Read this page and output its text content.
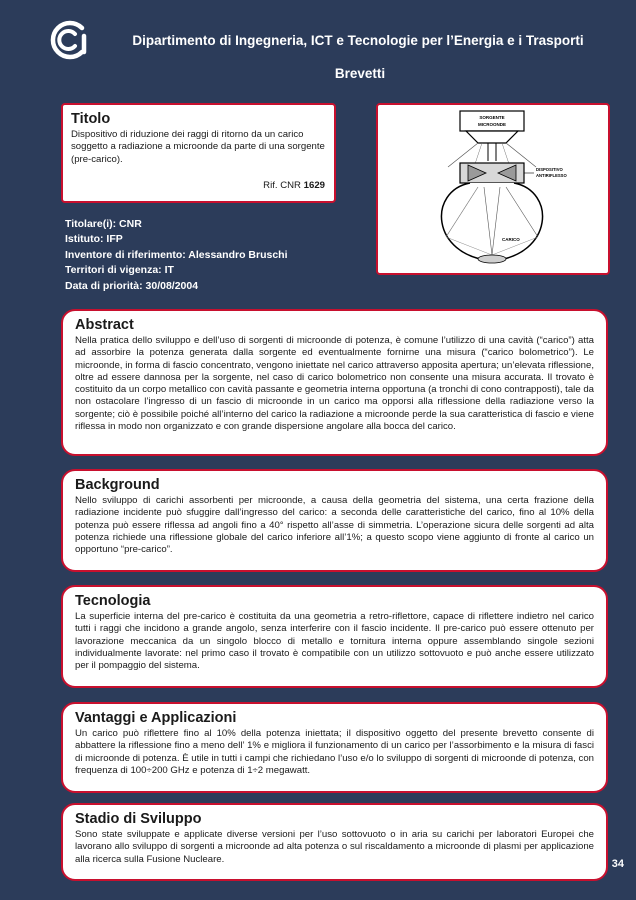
Dipartimento di Ingegneria, ICT e Tecnologie per l’Energia e i Trasporti
Brevetti
Titolo

Dispositivo di riduzione dei raggi di ritorno da un carico soggetto a radiazione a microonde da parte di una sorgente (pre-carico).

Rif. CNR 1629
SORGENTE
MICROONDE
DISPOSITIVO
ANTIRIFLESSO
CARICO
Titolare(i): CNR
Istituto: IFP
Inventore di riferimento: Alessandro Bruschi
Territori di vigenza: IT
Data di priorità: 30/08/2004
Abstract

Nella pratica dello sviluppo e dell’uso di sorgenti di microonde di potenza, è comune l’utilizzo di una cavità (“carico”) atta ad assorbire la potenza generata dalla sorgente ed eventualmente fornirne una misura (“carico bolometrico”). Le microonde, in forma di fascio concentrato, vengono iniettate nel carico attraverso apposita apertura; un’elevata riflessione, oltre ad essere dannosa per la sorgente, nel caso di carico bolometrico non consente una misura accurata. Il trovato è costituito da un corpo metallico con cavità passante e geometria interna opportuna (a tronchi di cono contrapposti), tale da non ostacolare l’ingresso di un fascio di microonde in un carico ma opporsi alla riflessione della radiazione verso la sorgente; ciò è possibile poiché all’interno del carico la radiazione a microonde perde la sua caratteristica di fascio e viene riflessa in modo non organizzato e con grande dispersione angolare alla bocca del carico.

Background

Nello sviluppo di carichi assorbenti per microonde, a causa della geometria del sistema, una certa frazione della radiazione incidente può sfuggire dall’ingresso del carico: a seconda delle caratteristiche del carico, fino al 10% della potenza può essere riflessa ad angoli fino a 40° rispetto all’asse di simmetria. L’operazione sicura delle sorgenti ad alta potenza richiede una riflessione globale del carico inferiore all’1%; a questo scopo viene aggiunto di fronte al carico un opportuno “pre-carico”.

Tecnologia

La superficie interna del pre-carico è costituita da una geometria a retro-riflettore, capace di riflettere indietro nel carico tutti i raggi che incidono a grande angolo, senza interferire con il fascio incidente. Il pre-carico può essere ottenuto per lavorazione meccanica da un singolo blocco di metallo e tornitura interna oppure assemblando singole sezioni individualmente lavorate: nel primo caso il trovato è compatibile con un utilizzo sottovuoto e può anche essere utilizzato per il pompaggio del sistema.

Vantaggi e Applicazioni

Un carico può riflettere fino al 10% della potenza iniettata; il dispositivo oggetto del presente brevetto consente di abbattere la riflessione fino a meno dell’ 1% e migliora il funzionamento di un carico per l’assorbimento e la misura di fasci di microonde di potenza. È utile in tutti i campi che richiedano l’uso e/o lo sviluppo di sorgenti di microonde di potenza, con frequenza di 100÷200 GHz e potenza di 1÷2 megawatt.

Stadio di Sviluppo

Sono state sviluppate e applicate diverse versioni per l’uso sottovuoto o in aria su carichi per laboratori Europei che lavorano allo sviluppo di sorgenti a microonde ad alta potenza o sul riscaldamento a microonde di plasmi per applicazione alla ricerca sulla Fusione Nucleare.	34
